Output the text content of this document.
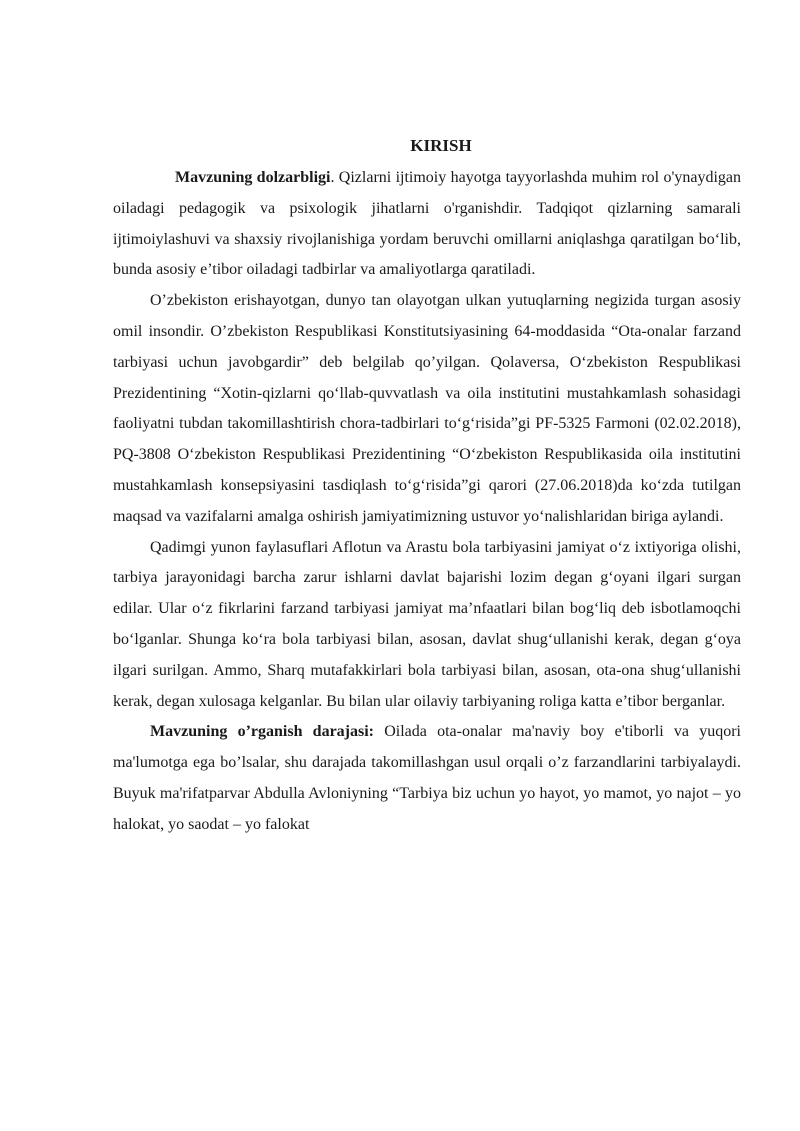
KIRISH

Mavzuning dolzarbligi. Qizlarni ijtimoiy hayotga tayyorlashda muhim rol o'ynaydigan oiladagi pedagogik va psixologik jihatlarni o'rganishdir. Tadqiqot qizlarning samarali ijtimoiylashuvi va shaxsiy rivojlanishiga yordam beruvchi omillarni aniqlashga qaratilgan bo‘lib, bunda asosiy e’tibor oiladagi tadbirlar va amaliyotlarga qaratiladi.

O’zbekiston erishayotgan, dunyo tan olayotgan ulkan yutuqlarning negizida turgan asosiy omil insondir. O’zbekiston Respublikasi Konstitutsiyasining 64-moddasida “Ota-onalar farzand tarbiyasi uchun javobgardir” deb belgilab qo’yilgan. Qolaversa, O‘zbekiston Respublikasi Prezidentining “Xotin-qizlarni qo‘llab-quvvatlash va oila institutini mustahkamlash sohasidagi faoliyatni tubdan takomillashtirish chora-tadbirlari to‘g‘risida”gi PF-5325 Farmoni (02.02.2018), PQ-3808 O‘zbekiston Respublikasi Prezidentining “O‘zbekiston Respublikasida oila institutini mustahkamlash konsepsiyasini tasdiqlash to‘g‘risida”gi qarori (27.06.2018)da ko‘zda tutilgan maqsad va vazifalarni amalga oshirish jamiyatimizning ustuvor yo‘nalishlaridan biriga aylandi.

Qadimgi yunon faylasuflari Aflotun va Arastu bola tarbiyasini jamiyat o‘z ixtiyoriga olishi, tarbiya jarayonidagi barcha zarur ishlarni davlat bajarishi lozim degan g‘oyani ilgari surgan edilar. Ular o‘z fikrlarini farzand tarbiyasi jamiyat ma’nfaatlari bilan bog‘liq deb isbotlamoqchi bo‘lganlar. Shunga ko‘ra bola tarbiyasi bilan, asosan, davlat shug‘ullanishi kerak, degan g‘oya ilgari surilgan. Ammo, Sharq mutafakkirlari bola tarbiyasi bilan, asosan, ota-ona shug‘ullanishi kerak, degan xulosaga kelganlar. Bu bilan ular oilaviy tarbiyaning roliga katta e’tibor berganlar.

Mavzuning o’rganish darajasi: Oilada ota-onalar ma'naviy boy e'tiborli va yuqori ma'lumotga ega bo’lsalar, shu darajada takomillashgan usul orqali o’z farzandlarini tarbiyalaydi. Buyuk ma'rifatparvar Abdulla Avloniyning “Tarbiya biz uchun yo hayot, yo mamot, yo najot – yo halokat, yo saodat – yo falokat
